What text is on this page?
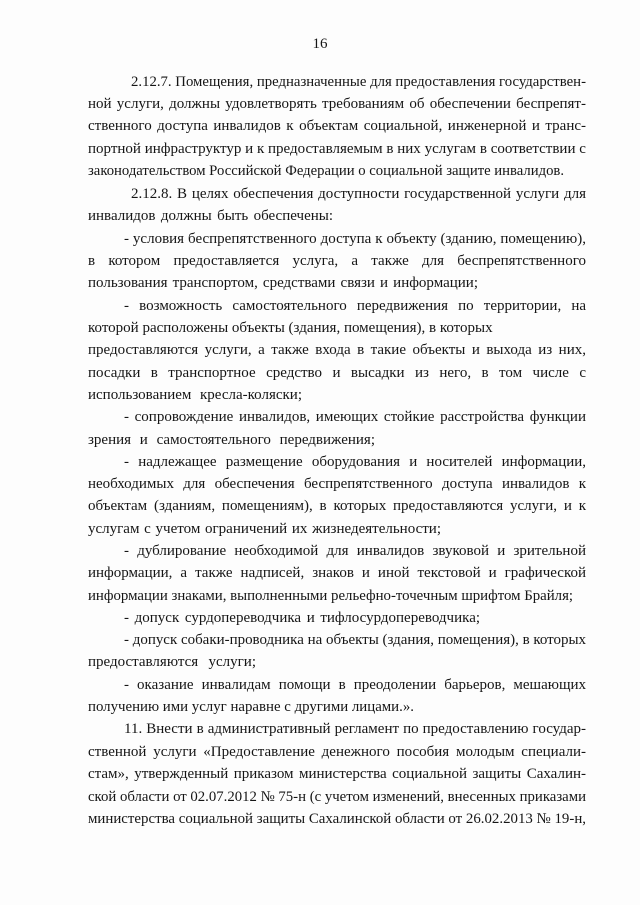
16
2.12.7. Помещения, предназначенные для предоставления государствен-
ной услуги, должны удовлетворять требованиям об обеспечении беспрепят-
ственного доступа инвалидов к объектам социальной, инженерной и транс-
портной инфраструктур и к предоставляемым в них услугам в соответствии с
законодательством Российской Федерации о социальной защите инвалидов.
2.12.8. В целях обеспечения доступности государственной услуги для
инвалидов должны быть обеспечены:
- условия беспрепятственного доступа к объекту (зданию, помещению),
в котором предоставляется услуга, а также для беспрепятственного
пользования транспортом, средствами связи и информации;
- возможность самостоятельного передвижения по территории, на
которой расположены объекты (здания, помещения), в которых
предоставляются услуги, а также входа в такие объекты и выхода из них,
посадки в транспортное средство и высадки из него, в том числе с
использованием кресла-коляски;
- сопровождение инвалидов, имеющих стойкие расстройства функции
зрения и самостоятельного передвижения;
- надлежащее размещение оборудования и носителей информации,
необходимых для обеспечения беспрепятственного доступа инвалидов к
объектам (зданиям, помещениям), в которых предоставляются услуги, и к
услугам с учетом ограничений их жизнедеятельности;
- дублирование необходимой для инвалидов звуковой и зрительной
информации, а также надписей, знаков и иной текстовой и графической
информации знаками, выполненными рельефно-точечным шрифтом Брайля;
- допуск сурдопереводчика и тифлосурдопереводчика;
- допуск собаки-проводника на объекты (здания, помещения), в которых
предоставляются услуги;
- оказание инвалидам помощи в преодолении барьеров, мешающих
получению ими услуг наравне с другими лицами.».
11. Внести в административный регламент по предоставлению государ-
ственной услуги «Предоставление денежного пособия молодым специали-
стам», утвержденный приказом министерства социальной защиты Сахалин-
ской области от 02.07.2012 № 75-н (с учетом изменений, внесенных приказами
министерства социальной защиты Сахалинской области от 26.02.2013 № 19-н,
